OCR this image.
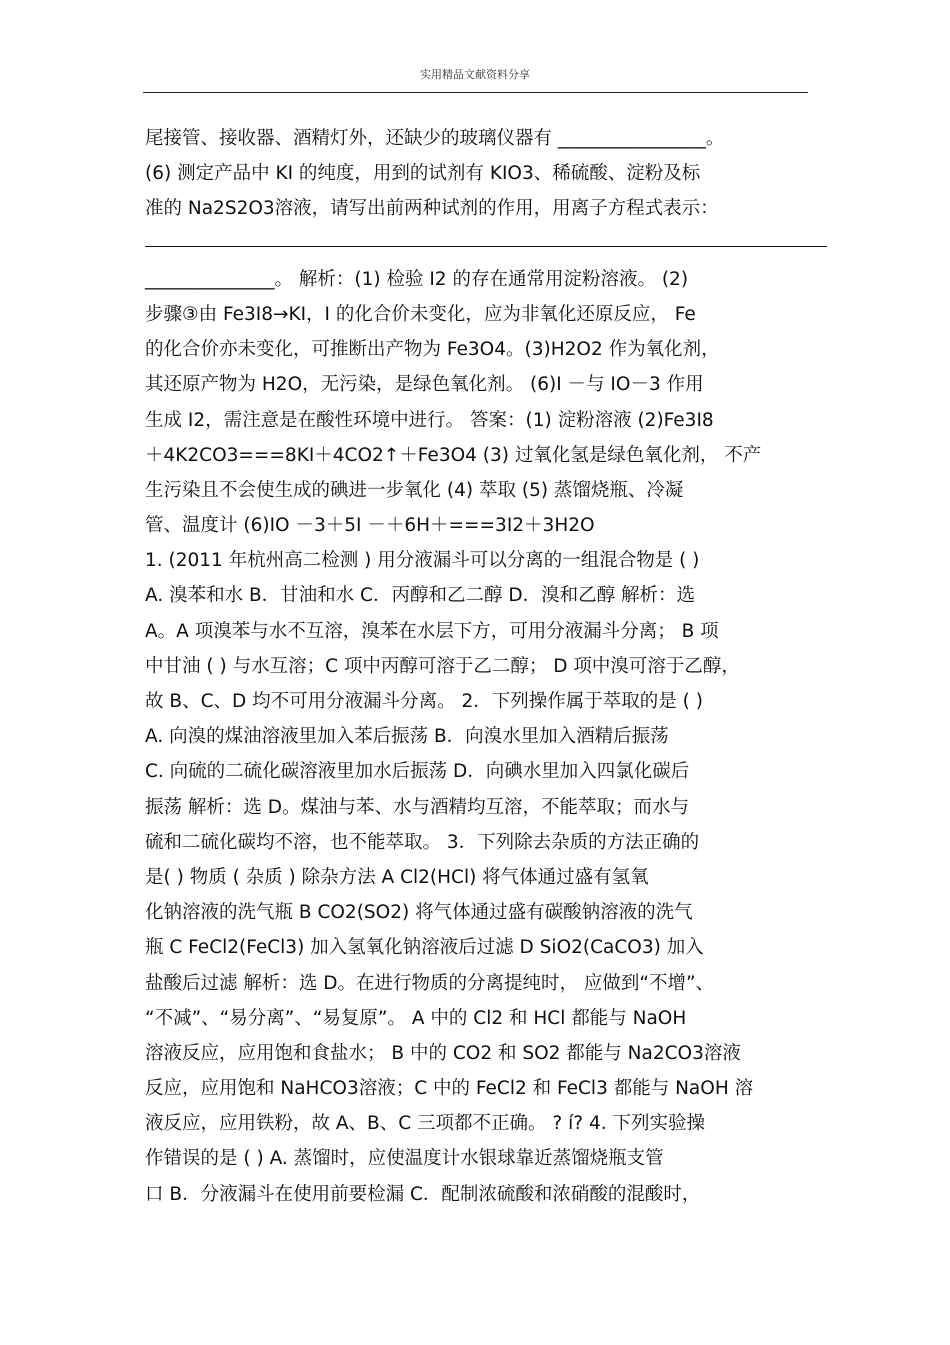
实用精品文献资料分享
尾接管、接收器、酒精灯外，还缺少的玻璃仪器有 ________________。
(6) 测定产品中 KI 的纯度，用到的试剂有 KIO3、稀硫酸、淀粉及标
准的 Na2S2O3溶液，请写出前两种试剂的作用，用离子方程式表示：
______________。 解析：(1) 检验 I2 的存在通常用淀粉溶液。 (2)
步骤③由 Fe3I8→KI，I 的化合价未变化，应为非氧化还原反应， Fe
的化合价亦未变化，可推断出产物为 Fe3O4。(3)H2O2 作为氧化剂，
其还原产物为 H2O，无污染，是绿色氧化剂。 (6)I －与 IO－3 作用
生成 I2，需注意是在酸性环境中进行。 答案：(1) 淀粉溶液 (2)Fe3I8
＋4K2CO3===8KI＋4CO2↑＋Fe3O4 (3) 过氧化氢是绿色氧化剂， 不产
生污染且不会使生成的碘进一步氧化 (4) 萃取 (5) 蒸馏烧瓶、冷凝
管、温度计 (6)IO －3＋5I －＋6H＋===3I2＋3H2O
1. (2011 年杭州高二检测 ) 用分液漏斗可以分离的一组混合物是 ( )
A. 溴苯和水 B．甘油和水 C．丙醇和乙二醇 D．溴和乙醇 解析：选
A。A 项溴苯与水不互溶，溴苯在水层下方，可用分液漏斗分离； B 项
中甘油 ( ) 与水互溶；C 项中丙醇可溶于乙二醇； D 项中溴可溶于乙醇，
故 B、C、D 均不可用分液漏斗分离。 2．下列操作属于萃取的是 ( )
A. 向溴的煤油溶液里加入苯后振荡 B．向溴水里加入酒精后振荡
C. 向硫的二硫化碳溶液里加水后振荡 D．向碘水里加入四氯化碳后
振荡 解析：选 D。煤油与苯、水与酒精均互溶，不能萃取；而水与
硫和二硫化碳均不溶，也不能萃取。 3．下列除去杂质的方法正确的
是( ) 物质 ( 杂质 ) 除杂方法 A Cl2(HCl) 将气体通过盛有氢氧
化钠溶液的洗气瓶 B CO2(SO2) 将气体通过盛有碳酸钠溶液的洗气
瓶 C FeCl2(FeCl3) 加入氢氧化钠溶液后过滤 D SiO2(CaCO3) 加入
盐酸后过滤 解析：选 D。在进行物质的分离提纯时， 应做到“不增”、
“不减”、“易分离”、“易复原”。 A 中的 Cl2 和 HCl 都能与 NaOH
溶液反应，应用饱和食盐水； B 中的 CO2 和 SO2 都能与 Na2CO3溶液
反应，应用饱和 NaHCO3溶液；C 中的 FeCl2 和 FeCl3 都能与 NaOH 溶
液反应，应用铁粉，故 A、B、C 三项都不正确。 ? í? 4. 下列实验操
作错误的是 ( ) A. 蒸馏时，应使温度计水银球靠近蒸馏烧瓶支管
口 B．分液漏斗在使用前要检漏 C．配制浓硫酸和浓硝酸的混酸时，
